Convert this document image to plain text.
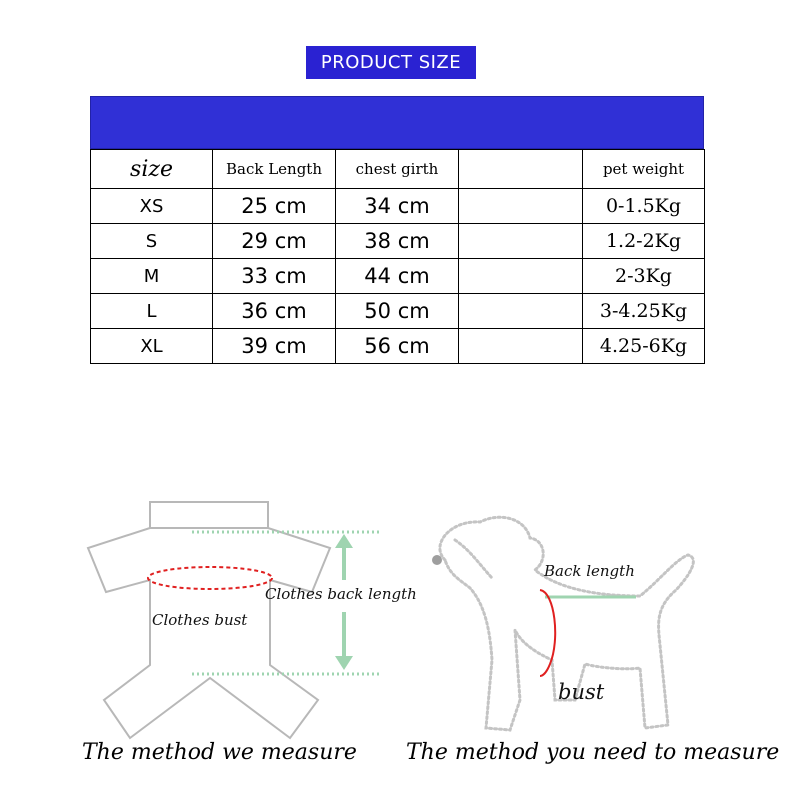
PRODUCT SIZE
size	Back Length	chest girth		pet weight
XS	25 cm	34 cm		0-1.5Kg
S	29 cm	38 cm		1.2-2Kg
M	33 cm	44 cm		2-3Kg
L	36 cm	50 cm		3-4.25Kg
XL	39 cm	56 cm		4.25-6Kg
Clothes back length
Clothes bust
Back length
bust
The method we measure The method you need to measure
